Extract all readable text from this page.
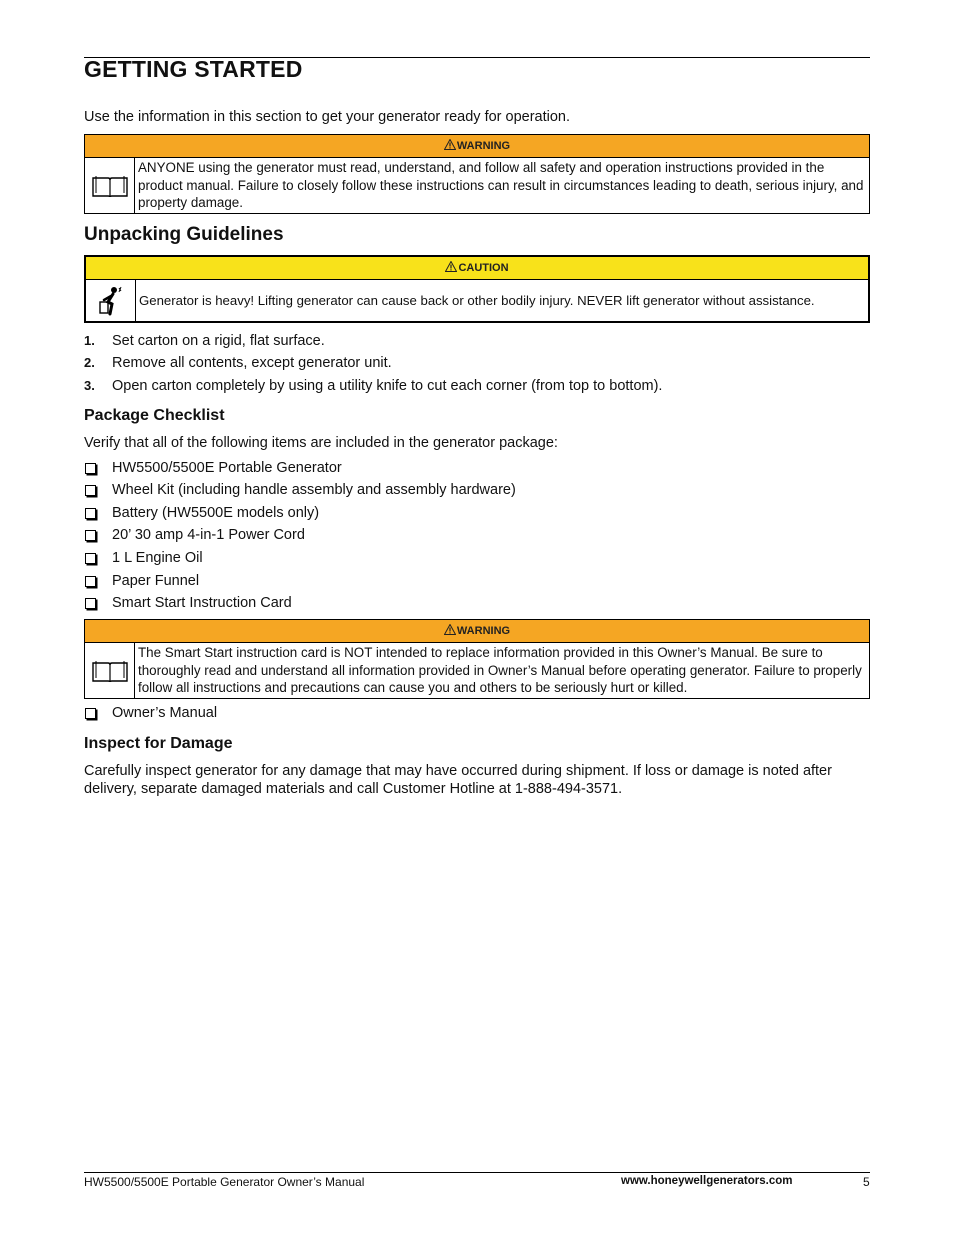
GETTING STARTED

Use the information in this section to get your generator ready for operation.

WARNING
ANYONE using the generator must read, understand, and follow all safety and operation instructions provided in the product manual. Failure to closely follow these instructions can result in circumstances leading to death, serious injury, and property damage.
Unpacking Guidelines
CAUTION
Generator is heavy! Lifting generator can cause back or other bodily injury. NEVER lift generator without assistance.
1. Set carton on a rigid, flat surface.
2. Remove all contents, except generator unit.
3. Open carton completely by using a utility knife to cut each corner (from top to bottom).
Package Checklist

Verify that all of the following items are included in the generator package:

HW5500/5500E Portable Generator
Wheel Kit (including handle assembly and assembly hardware)
Battery (HW5500E models only)
20’ 30 amp 4-in-1 Power Cord
1 L Engine Oil
Paper Funnel
Smart Start Instruction Card
WARNING
The Smart Start instruction card is NOT intended to replace information provided in this Owner’s Manual. Be sure to thoroughly read and understand all information provided in Owner’s Manual before operating generator. Failure to properly follow all instructions and precautions can cause you and others to be seriously hurt or killed.
Owner’s Manual
Inspect for Damage

Carefully inspect generator for any damage that may have occurred during shipment. If loss or damage is noted after delivery, separate damaged materials and call Customer Hotline at 1-888-494-3571.

HW5500/5500E Portable Generator Owner’s Manual	www.honeywellgenerators.com	5
